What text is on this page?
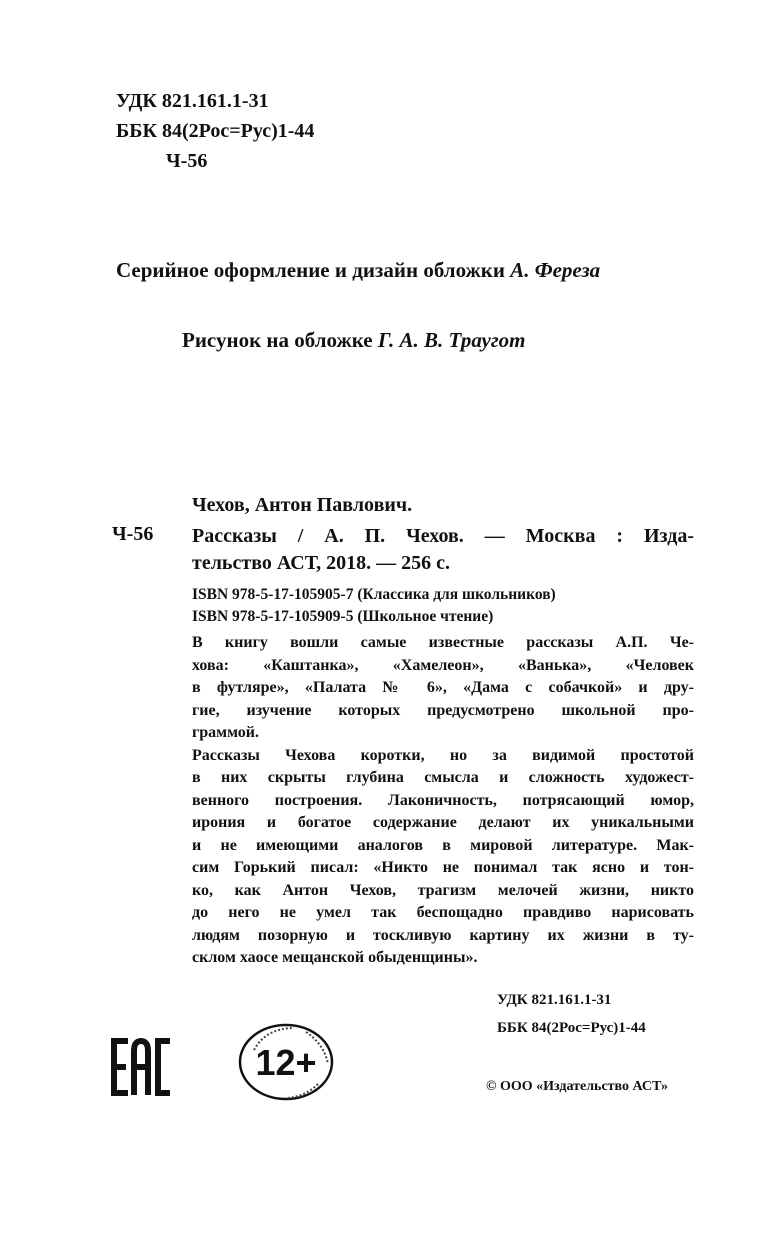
УДК 821.161.1-31
ББК 84(2Рос=Рус)1-44
Ч-56
Серийное оформление и дизайн обложки А. Фереза
Рисунок на обложке Г. А. В. Траугот
Чехов, Антон Павлович.
Ч-56 Рассказы / А. П. Чехов. — Москва : Изда-
тельство АСТ, 2018. — 256 с.
ISBN 978-5-17-105905-7 (Классика для школьников)
ISBN 978-5-17-105909-5 (Школьное чтение)
В книгу вошли самые известные рассказы А.П. Че-
хова: «Каштанка», «Хамелеон», «Ванька», «Человек
в футляре», «Палата № 6», «Дама с собачкой» и дру-
гие, изучение которых предусмотрено школьной про-
граммой.
Рассказы Чехова коротки, но за видимой простотой
в них скрыты глубина смысла и сложность художест-
венного построения. Лаконичность, потрясающий юмор,
ирония и богатое содержание делают их уникальными
и не имеющими аналогов в мировой литературе. Мак-
сим Горький писал: «Никто не понимал так ясно и тон-
ко, как Антон Чехов, трагизм мелочей жизни, никто
до него не умел так беспощадно правдиво нарисовать
людям позорную и тоскливую картину их жизни в ту-
склом хаосе мещанской обыденщины».
УДК 821.161.1-31
ББК 84(2Рос=Рус)1-44
12+
© ООО «Издательство АСТ»
